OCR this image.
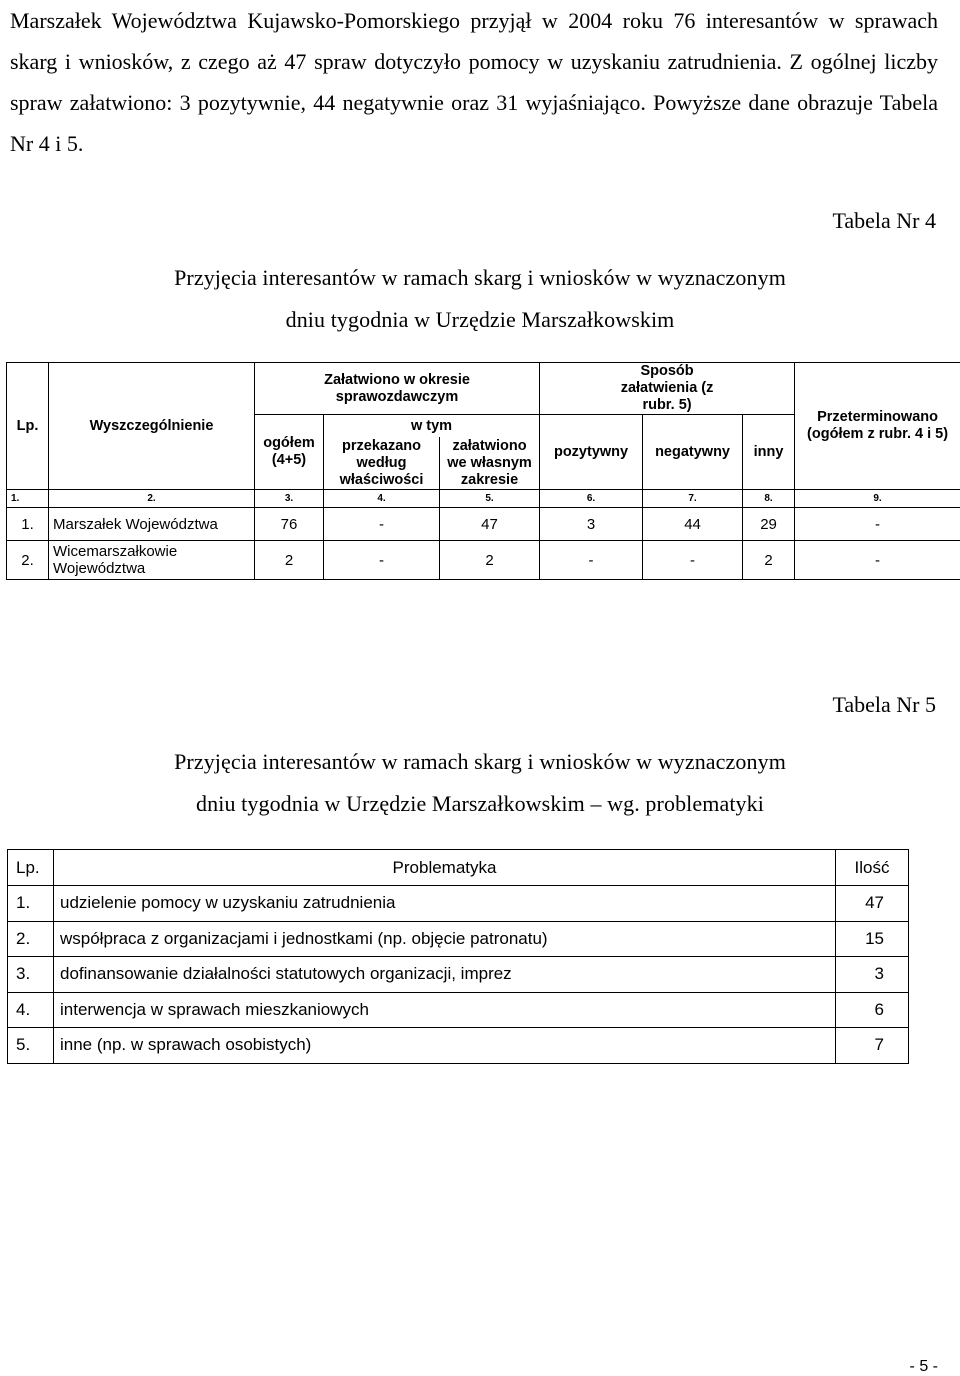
Marszałek Województwa Kujawsko-Pomorskiego przyjął w 2004 roku 76 interesantów w sprawach skarg i wniosków, z czego aż 47 spraw dotyczyło pomocy w uzyskaniu zatrudnienia. Z ogólnej liczby spraw załatwiono: 3 pozytywnie, 44 negatywnie oraz 31 wyjaśniająco. Powyższe dane obrazuje Tabela Nr 4 i 5.
Tabela Nr 4
Przyjęcia interesantów w ramach skarg i wniosków w wyznaczonym
dniu tygodnia w Urzędzie Marszałkowskim
Lp.	Wyszczególnienie	Załatwiono w okresie sprawozdawczym			Sposób załatwienia (z rubr. 5)			Przeterminowano (ogółem z rubr. 4 i 5)
		ogółem (4+5)	w tym		pozytywny	negatywny	inny	
			przekazano według właściwości	załatwiono we własnym zakresie				
1.	2.	3.	4.	5.	6.	7.	8.	9.
1.	Marszałek Województwa	76	-	47	3	44	29	-
2.	Wicemarszałkowie Województwa	2	-	2	-	-	2	-
Tabela Nr 5
Przyjęcia interesantów w ramach skarg i wniosków w wyznaczonym
dniu tygodnia w Urzędzie Marszałkowskim – wg. problematyki
Lp.	Problematyka	Ilość
1.	udzielenie pomocy w uzyskaniu zatrudnienia	47
2.	współpraca z organizacjami i jednostkami (np. objęcie patronatu)	15
3.	dofinansowanie działalności statutowych organizacji, imprez	3
4.	interwencja w sprawach mieszkaniowych	6
5.	inne (np. w sprawach osobistych)	7
- 5 -
